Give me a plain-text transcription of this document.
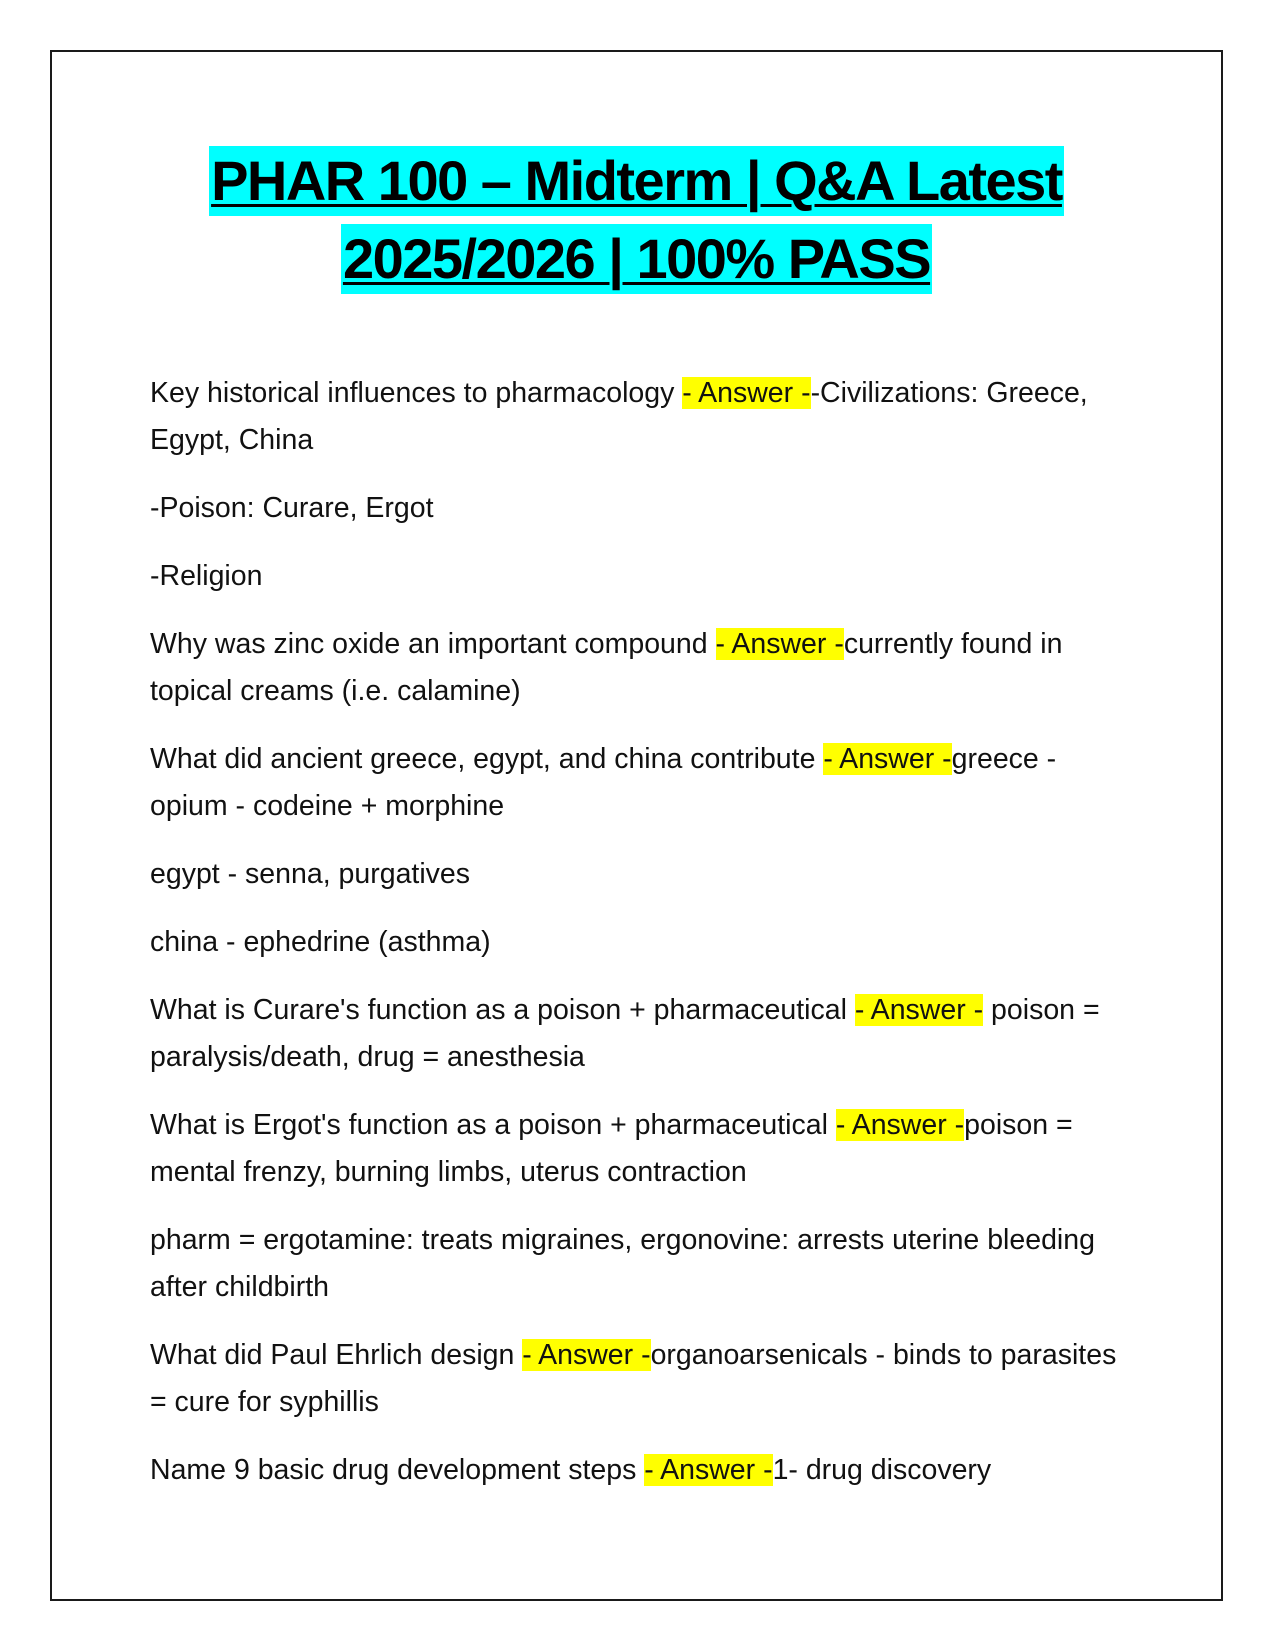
PHAR 100 – Midterm | Q&A Latest
2025/2026 | 100% PASS

Key historical influences to pharmacology - Answer --Civilizations: Greece, Egypt, China

-Poison: Curare, Ergot

-Religion

Why was zinc oxide an important compound - Answer -currently found in topical creams (i.e. calamine)

What did ancient greece, egypt, and china contribute - Answer -greece - opium - codeine + morphine

egypt - senna, purgatives

china - ephedrine (asthma)

What is Curare's function as a poison + pharmaceutical - Answer - poison = paralysis/death, drug = anesthesia

What is Ergot's function as a poison + pharmaceutical - Answer -poison = mental frenzy, burning limbs, uterus contraction

pharm = ergotamine: treats migraines, ergonovine: arrests uterine bleeding after childbirth

What did Paul Ehrlich design - Answer -organoarsenicals - binds to parasites = cure for syphillis

Name 9 basic drug development steps - Answer -1- drug discovery
